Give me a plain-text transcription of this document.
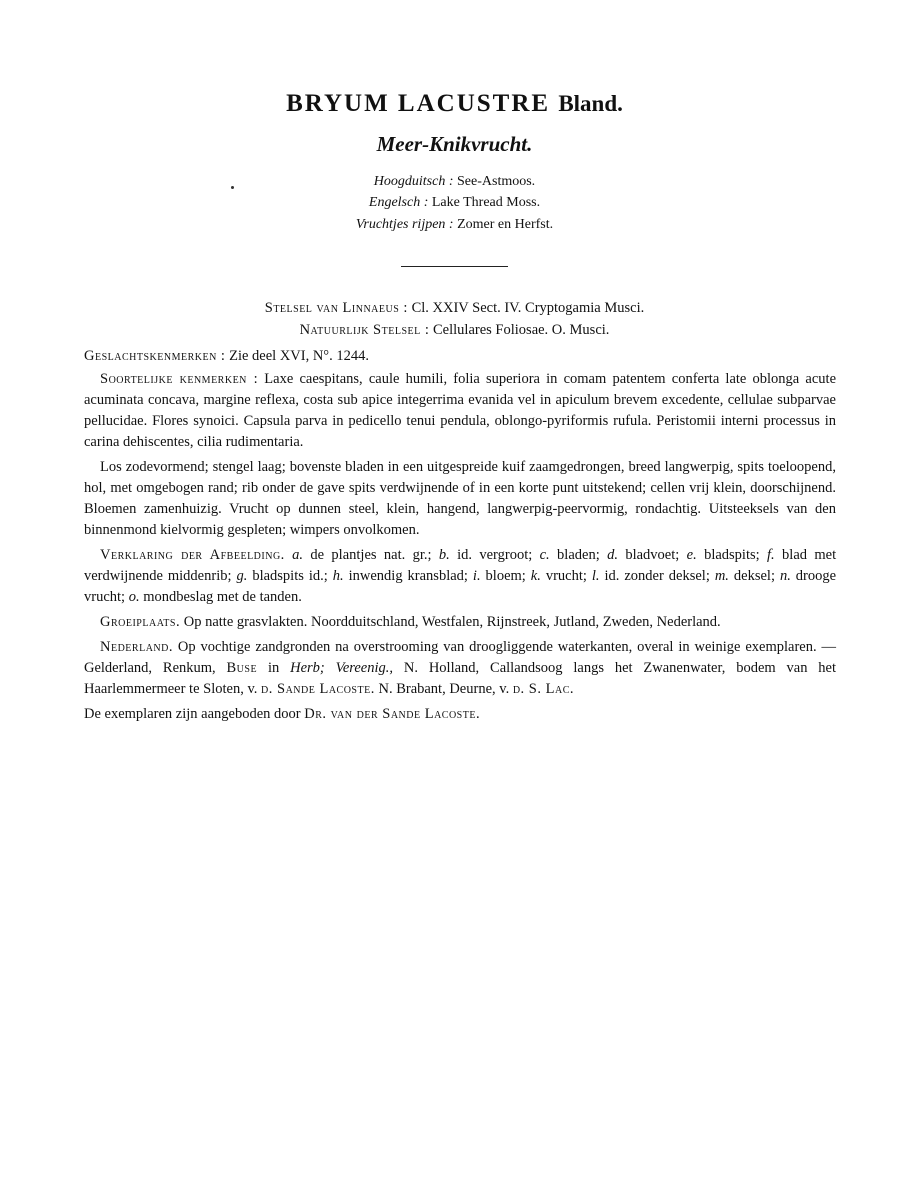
BRYUM LACUSTRE Bland.
Meer-Knikvrucht.
Hoogduitsch : See-Astmoos.
Engelsch : Lake Thread Moss.
Vruchtjes rijpen : Zomer en Herfst.
Stelsel van Linnaeus : Cl. XXIV Sect. IV. Cryptogamia Musci.
Natuurlijk Stelsel : Cellulares Foliosae. O. Musci.

Geslachtskenmerken : Zie deel XVI, N°. 1244.

Soortelijke kenmerken : Laxe caespitans, caule humili, folia superiora in comam patentem conferta late oblonga acute acuminata concava, margine reflexa, costa sub apice integerrima evanida vel in apiculum brevem excedente, cellulae subparvae pellucidae. Flores synoici. Capsula parva in pedicello tenui pendula, oblongo-pyriformis rufula. Peristomii interni processus in carina dehiscentes, cilia rudimentaria.

Los zodevormend; stengel laag; bovenste bladen in een uitgespreide kuif zaamgedrongen, breed langwerpig, spits toeloopend, hol, met omgebogen rand; rib onder de gave spits verdwijnende of in een korte punt uitstekend; cellen vrij klein, doorschijnend. Bloemen zamenhuizig. Vrucht op dunnen steel, klein, hangend, langwerpig-peervormig, rondachtig. Uitsteeksels van den binnenmond kielvormig gespleten; wimpers onvolkomen.

Verklaring der Afbeelding. a. de plantjes nat. gr.; b. id. vergroot; c. bladen; d. bladvoet; e. bladspits; f. blad met verdwijnende middenrib; g. bladspits id.; h. inwendig kransblad; i. bloem; k. vrucht; l. id. zonder deksel; m. deksel; n. drooge vrucht; o. mondbeslag met de tanden.

Groeiplaats. Op natte grasvlakten. Noordduitschland, Westfalen, Rijnstreek, Jutland, Zweden, Nederland.

Nederland. Op vochtige zandgronden na overstrooming van droogliggende waterkanten, overal in weinige exemplaren. — Gelderland, Renkum, Buse in Herb; Vereenig., N. Holland, Callandsoog langs het Zwanenwater, bodem van het Haarlemmermeer te Sloten, v. d. Sande Lacoste. N. Brabant, Deurne, v. d. S. Lac.

De exemplaren zijn aangeboden door Dr. van der Sande Lacoste.
